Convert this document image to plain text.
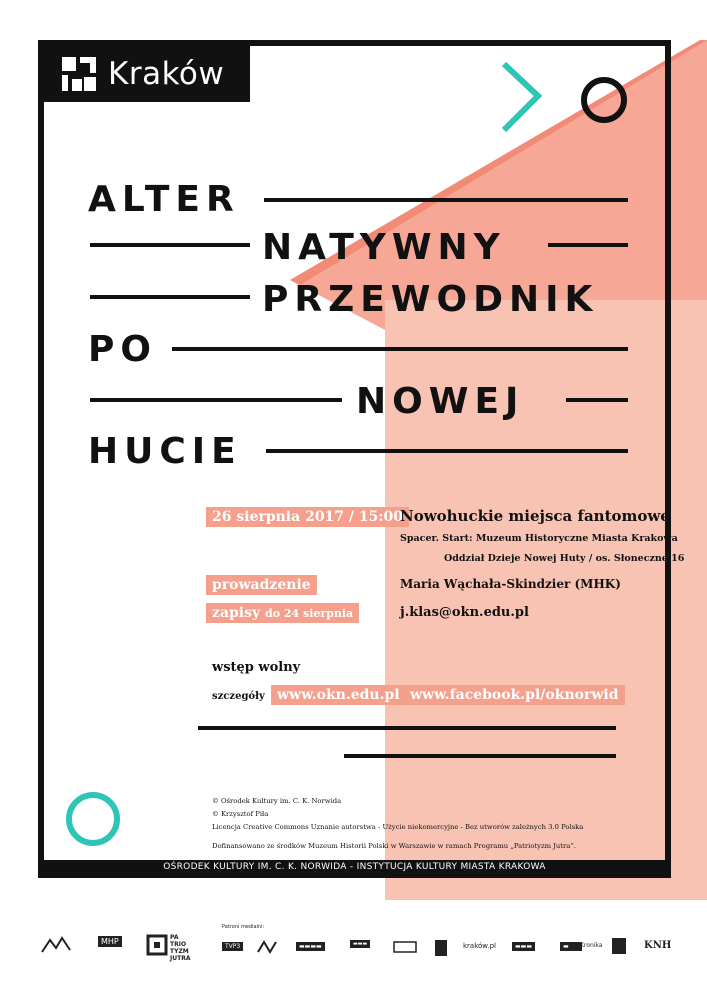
Kraków
ALTER
NATYWNY
PRZEWODNIK
PO
NOWEJ
HUCIE
26 sierpnia 2017 / 15:00
Nowohuckie miejsca fantomowe
Spacer. Start: Muzeum Historyczne Miasta Krakowa
Oddział Dzieje Nowej Huty / os. Słoneczne 16
prowadzenie	Maria Wąchała-Skindzier (MHK)
zapisy do 24 sierpnia	j.klas@okn.edu.pl
wstęp wolny
szczegóły www.okn.edu.pl www.facebook.pl/oknorwid
© Ośrodek Kultury im. C. K. Norwida
© Krzysztof Piła
Licencja Creative Commons Uznanie autorstwa - Użycie niekomercyjne - Bez utworów zależnych 3.0 Polska
Dofinansowano ze środków Muzeum Historii Polski w Warszawie w ramach Programu „Patriotyzm Jutra”.
OŚRODEK KULTURY IM. C. K. NORWIDA - INSTYTUCJA KULTURY MIASTA KRAKOWA
Patroni medialni:
MHP	PA TRIO TYZM JUTRA
TVP3	▬▬▬▬	▬▬▬	kraków.pl	▬▬▬	▬	Kronika	KNH
